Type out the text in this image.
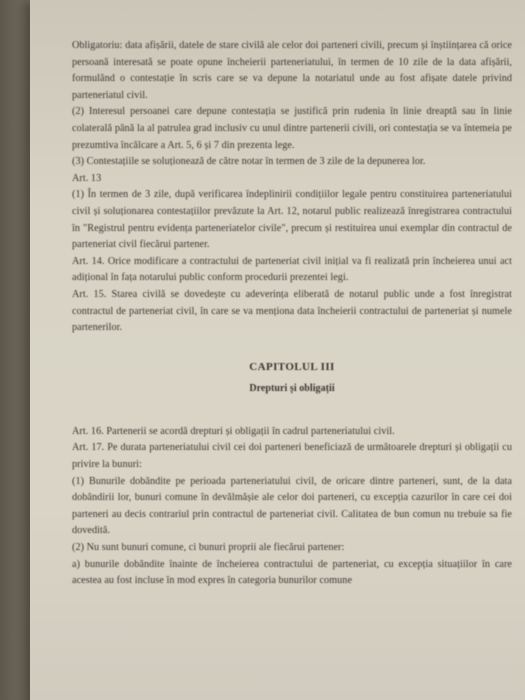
Obligatoriu: data afișării, datele de stare civilă ale celor doi parteneri civili, precum și înștiințarea că orice persoană interesată se poate opune încheierii parteneriatului, în termen de 10 zile de la data afișării, formulând o contestație în scris care se va depune la notariatul unde au fost afișate datele privind parteneriatul civil.

(2) Interesul persoanei care depune contestația se justifică prin rudenia în linie dreaptă sau în linie colaterală până la al patrulea grad inclusiv cu unul dintre partenerii civili, ori contestația se va întemeia pe prezumtiva încălcare a Art. 5, 6 și 7 din prezenta lege.

(3) Contestațiile se soluționează de către notar în termen de 3 zile de la depunerea lor.

Art. 13

(1) În termen de 3 zile, după verificarea îndeplinirii condițiilor legale pentru constituirea parteneriatului civil și soluționarea contestațiilor prevăzute la Art. 12, notarul public realizează înregistrarea contractului în "Registrul pentru evidența parteneriatelor civile", precum și restituirea unui exemplar din contractul de parteneriat civil fiecărui partener.

Art. 14. Orice modificare a contractului de parteneriat civil inițial va fi realizată prin încheierea unui act adițional în fața notarului public conform procedurii prezentei legi.

Art. 15. Starea civilă se dovedește cu adeverința eliberată de notarul public unde a fost înregistrat contractul de parteneriat civil, în care se va menționa data încheierii contractului de parteneriat și numele partenerilor.

CAPITOLUL III
Drepturi și obligații

Art. 16. Partenerii se acordă drepturi și obligații în cadrul parteneriatului civil.

Art. 17. Pe durata parteneriatului civil cei doi parteneri beneficiază de următoarele drepturi și obligații cu privire la bunuri:

(1) Bunurile dobândite pe perioada parteneriatului civil, de oricare dintre parteneri, sunt, de la data dobândirii lor, bunuri comune în devălmășie ale celor doi parteneri, cu excepția cazurilor în care cei doi parteneri au decis contrariul prin contractul de parteneriat civil. Calitatea de bun comun nu trebuie sa fie dovedită.

(2) Nu sunt bunuri comune, ci bunuri proprii ale fiecărui partener:

a) bunurile dobândite înainte de încheierea contractului de parteneriat, cu excepția situațiilor în care acestea au fost incluse în mod expres în categoria bunurilor comune
